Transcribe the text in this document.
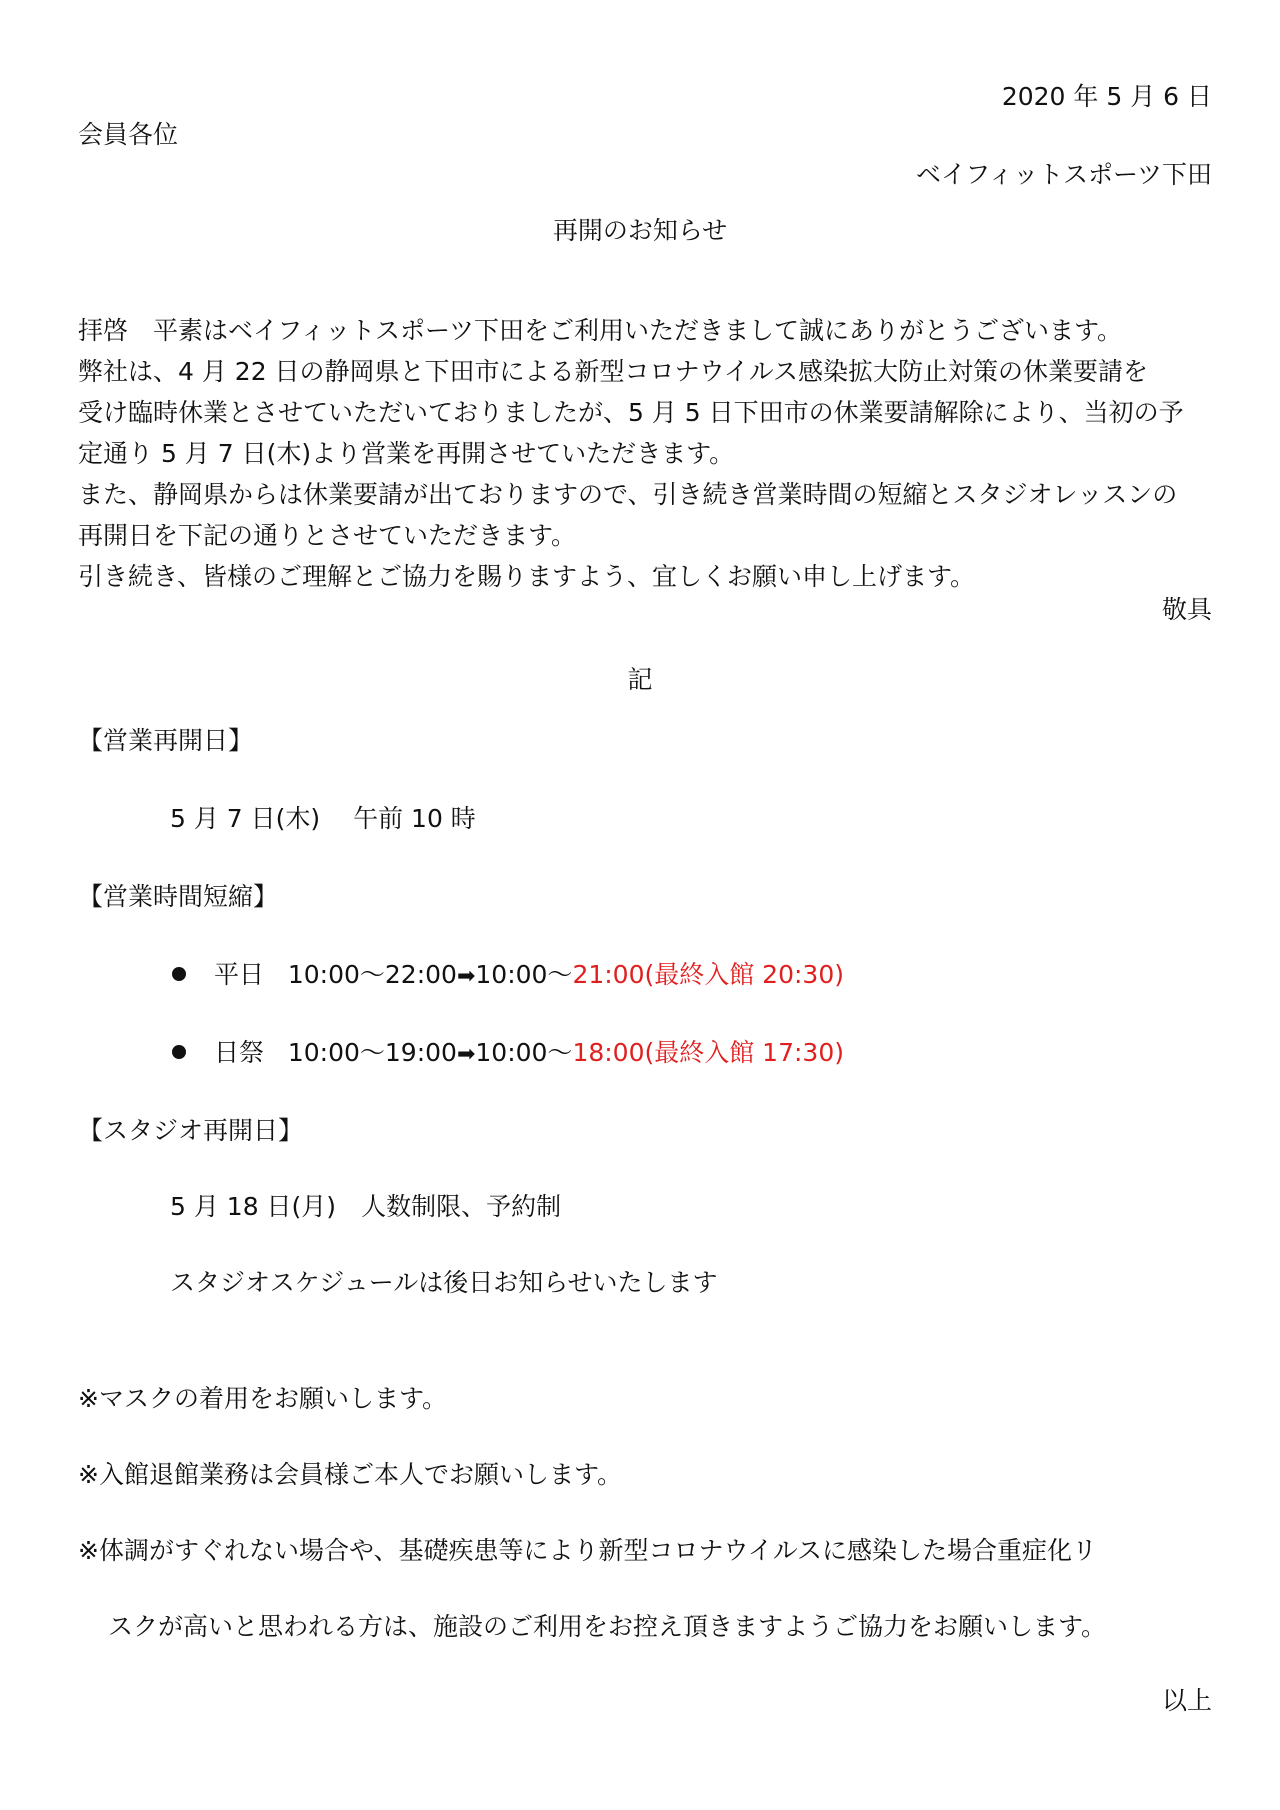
2020 年 5 月 6 日
会員各位
ベイフィットスポーツ下田
再開のお知らせ
拝啓　平素はベイフィットスポーツ下田をご利用いただきまして誠にありがとうございます。
弊社は、4 月 22 日の静岡県と下田市による新型コロナウイルス感染拡大防止対策の休業要請を
受け臨時休業とさせていただいておりましたが、5 月 5 日下田市の休業要請解除により、当初の予
定通り 5 月 7 日(木)より営業を再開させていただきます。
また、静岡県からは休業要請が出ておりますので、引き続き営業時間の短縮とスタジオレッスンの
再開日を下記の通りとさせていただきます。
引き続き、皆様のご理解とご協力を賜りますよう、宜しくお願い申し上げます。
敬具
記
【営業再開日】
5 月 7 日(木)　 午前 10 時
【営業時間短縮】
平日 10:00～22:00➡10:00～21:00(最終入館 20:30)
日祭 10:00～19:00➡10:00～18:00(最終入館 17:30)
【スタジオ再開日】
5 月 18 日(月)　人数制限、予約制
スタジオスケジュールは後日お知らせいたします
※マスクの着用をお願いします。
※入館退館業務は会員様ご本人でお願いします。
※体調がすぐれない場合や、基礎疾患等により新型コロナウイルスに感染した場合重症化リ
スクが高いと思われる方は、施設のご利用をお控え頂きますようご協力をお願いします。
以上
